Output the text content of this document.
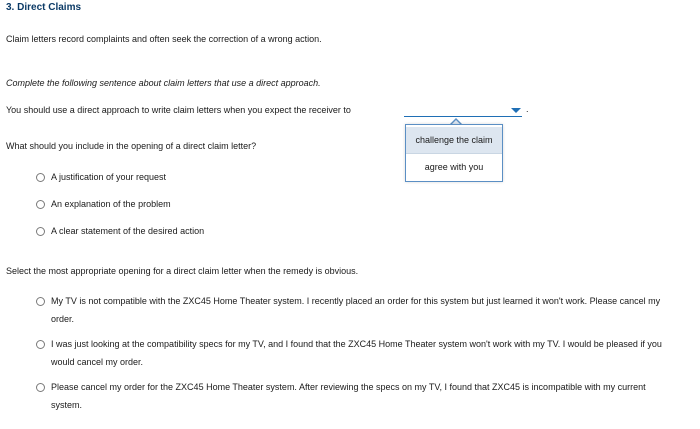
3. Direct Claims
Claim letters record complaints and often seek the correction of a wrong action.
Complete the following sentence about claim letters that use a direct approach.
You should use a direct approach to write claim letters when you expect the receiver to	.
challenge the claim
agree with you
What should you include in the opening of a direct claim letter?
A justification of your request
An explanation of the problem
A clear statement of the desired action
Select the most appropriate opening for a direct claim letter when the remedy is obvious.
My TV is not compatible with the ZXC45 Home Theater system. I recently placed an order for this system but just learned it won't work. Please cancel my order.
I was just looking at the compatibility specs for my TV, and I found that the ZXC45 Home Theater system won't work with my TV. I would be pleased if you would cancel my order.
Please cancel my order for the ZXC45 Home Theater system. After reviewing the specs on my TV, I found that ZXC45 is incompatible with my current system.
